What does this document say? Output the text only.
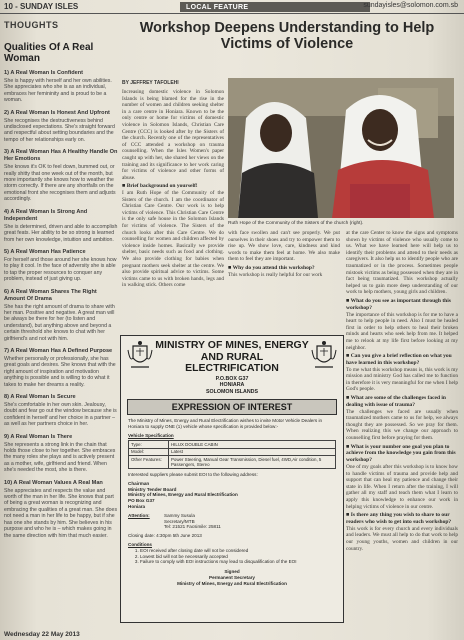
10 - SUNDAY ISLES	LOCAL FEATURE	sundayisles@solomon.com.sb
THOUGHTS
Qualities Of A Real Woman
1) A Real Woman Is Confident
She is happy with herself and her own abilities. She appreciates who she is as an individual, embraces her femininity and is proud to be a woman.
2) A Real Woman Is Honest And Upfront
She recognises the destructiveness behind undisclosed expectations. She's straight forward and respectful about setting boundaries and the tempo of her relationships early on.
3) A Real Woman Has A Healthy Handle On Her Emotions
She knows it's OK to feel down, bummed out, or really shitty that one week out of the month, but more importantly she knows how to weather the storm correctly. If there are any shortfalls on the emotional front she recognises them and adjusts accordingly.
4) A Real Woman Is Strong And Independent
She is determined, driven and able to accomplish great feats. Her ability to be so strong is learned from her own knowledge, intuition and ambition.
5) A Real Woman Has Patience
For herself and those around her she knows how to play it cool. In the face of adversity she is able to tap the proper resources to conquer any problem, instead of just giving up.
6) A Real Woman Shares The Right Amount Of Drama
She has the right amount of drama to share with her man. Positive and negative. A great man will be always be there for her (to listen and understand), but anything above and beyond a certain threshold she knows to chat with her girlfriend's and not with him.
7) A Real Woman Has A Defined Purpose
Whether personally or professionally, she has great goals and desires. She knows that with the right amount of inspiration and motivation anything is possible and is willing to do what it takes to make her dreams a reality.
8) A Real Woman Is Secure
She's comfortable in her own skin. Jealousy, doubt and fear go out the window because she is confident in herself and her choice in a partner – as well as her partners choice in her.
9) A Real Woman Is There
She represents a strong link in the chain that holds those close to her together. She embraces the many roles she plays and is actively present as a mother, wife, girlfriend and friend. When she's needed the most, she is there.
10) A Real Woman Values A Real Man
She appreciates and respects the value and worth of the man in her life. She knows that part of being a great woman is recognizing and embracing the qualities of a great man. She does not need a man in her life to be happy, but if she has one she stands by him. She believes in his purpose and who he is – which makes going in the same direction with him that much easier.
Wednesday 22 May 2013
Workshop Deepens Understanding to Help Victims of Violence
BY JEFFREY TAFOLEHI
Increasing domestic violence in Solomon Islands is being blamed for the rise in the number of women and children seeking shelter in a care centre in Honiara. Known to be the only centre or home for victims of domestic violence in Solomon Islands, Christian Care Centre (CCC) is looked after by the Sisters of the church. Recently one of the representatives of CCC attended a workshop on trauma counselling. When the Isles Women's paper caught up with her, she shared her views on the training and its significance to her work caring for victims of violence and other forms of abuse.
■ Brief background on yourself!
I am Ruth Hope of the Community of the Sisters of the church. I am the coordinator of Christian Care Centre. Our work is to help victims of violence. This Christian Care Centre is the only safe house in the Solomon Islands for victims of violence. The Sisters of the church looks after this Care Centre. We do counselling for women and children affected by violence inside homes. Basically we provide shelter, basic needs such as food and clothing. We also provide clothing for babies when pregnant mothers seek shelter at the centre. We also provide spiritual advice to victims. Some victims came to us with broken hands, legs and in walking stick. Others come
Ruth Hope of the Community of the Sisters of the church (right).
with face swollen and can't see properly. We put ourselves in their shoes and try to empower them to rise up. We show love, care, kindness and kind words to make them feel at home. We also make them to feel they are important.
■ Why do you attend this workshop?
This workshop is really helpful for our work
at the care Center to know the signs and symptoms shown by victims of violence who usually come to us. What we have learned here will help us to identify their problems and attend to their needs as caregivers. It also help us to identify people who are traumatized or in the process. Sometimes people mistook victims as being possessed when they are in fact being traumatized. This workshop actually helped us to gain more deep understanding of our work to help mothers, young girls and children.
■ What do you see as important through this workshop?
The importance of this workshop is for me to have a heart to help people in need. Also I must be healed first in order to help others to heal their broken minds and hearts who seek help from me. It helped me to relook at my life first before looking at my neighbor.
■ Can you give a brief reflection on what you have learned in this workshop?
To me what this workshop means is, this work is my mission and ministry God has called me to function in therefore it is very meaningful for me when I help God's people.
■ What are some of the challenges faced in dealing with issue of trauma?
The challenges we faced are usually when traumatized mothers came to us for help, we always thought they are possessed. So we pray for them. When realizing this we change our approach to counselling first before praying for them.
■ What is your number one goal you plan to achieve from the knowledge you gain from this workshop?
One of my goals after this workshop is to know how to handle victims of trauma and provide help and support that can heal my patience and change their state in life. When I return after the training, I will gather all my staff and teach them what I learn to apply this knowledge to enhance our work in helping victims of violence in our centre.
■ Is there any thing you wish to share to our readers who wish to get into such workshop?
This work is for every church and every individuals and leaders. We must all help to do that work to help our young youths, women and children in our country.
MINISTRY OF MINES, ENERGY AND RURAL ELECTRIFICATION
P.O.BOX G37
HONIARA
SOLOMON ISLANDS
EXPRESSION OF INTEREST
The Ministry of Mines, Energy and Rural Electrification wishes to invite Motor Vehicle Dealers in Honiara to supply ONE (1) vehicle whose specification is provided below:-
Vehicle Specification
Type:	HILUX DOUBLE CABIN
Model:	Latest
Other Features:	Power Steering, Manual Gear Transmission, Diesel fuel, 4WD,Air condition, 5 Passengers, Stereo
Interested suppliers please submit EOI to the following address:
Chairman
Ministry Tender Board
Ministry of Mines, Energy and Rural Electrification
PO Box G37
Honiara
Attention:	Sammy Susula
Secretary/MTB
Tel: 21521 Facsimile: 25811
Closing date: 4:30pm 5th June 2013
Conditions
1. EOI received after closing date will not be considered
2. Lowest bid will not be necessarily accepted
3. Failure to comply with EOI instructions may lead to disqualification of the EOI
Signed
Permanent Secretary
Ministry of Mines, Energy and Rural Electrification
